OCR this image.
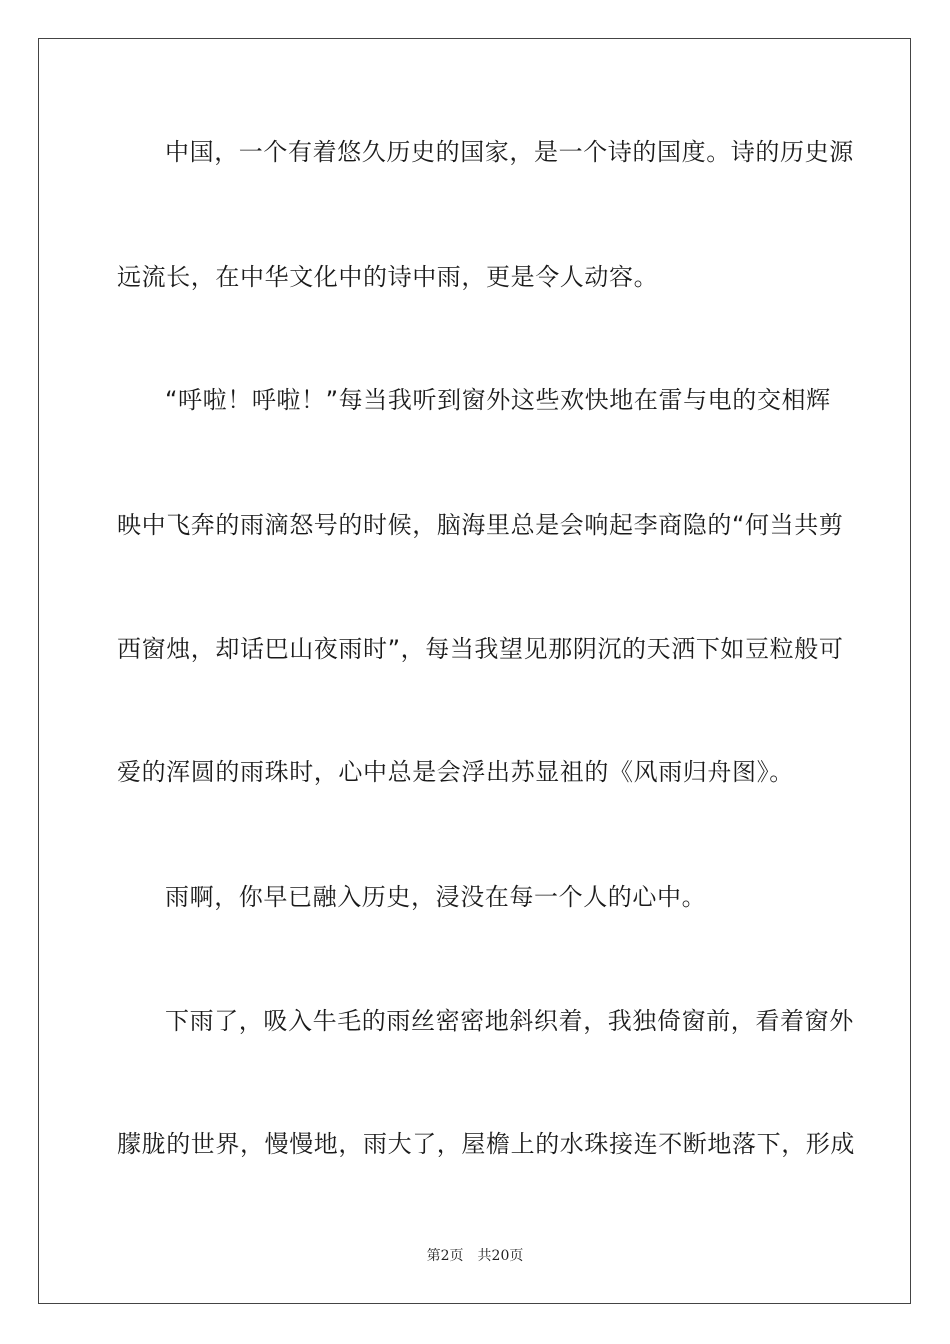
中国，一个有着悠久历史的国家，是一个诗的国度。诗的历史源
远流长，在中华文化中的诗中雨，更是令人动容。
“呼啦！呼啦！”每当我听到窗外这些欢快地在雷与电的交相辉
映中飞奔的雨滴怒号的时候，脑海里总是会响起李商隐的“何当共剪
西窗烛，却话巴山夜雨时”，每当我望见那阴沉的天洒下如豆粒般可
爱的浑圆的雨珠时，心中总是会浮出苏显祖的《风雨归舟图》。
雨啊，你早已融入历史，浸没在每一个人的心中。
下雨了，吸入牛毛的雨丝密密地斜织着，我独倚窗前，看着窗外
朦胧的世界，慢慢地，雨大了，屋檐上的水珠接连不断地落下，形成
第2页 共20页
